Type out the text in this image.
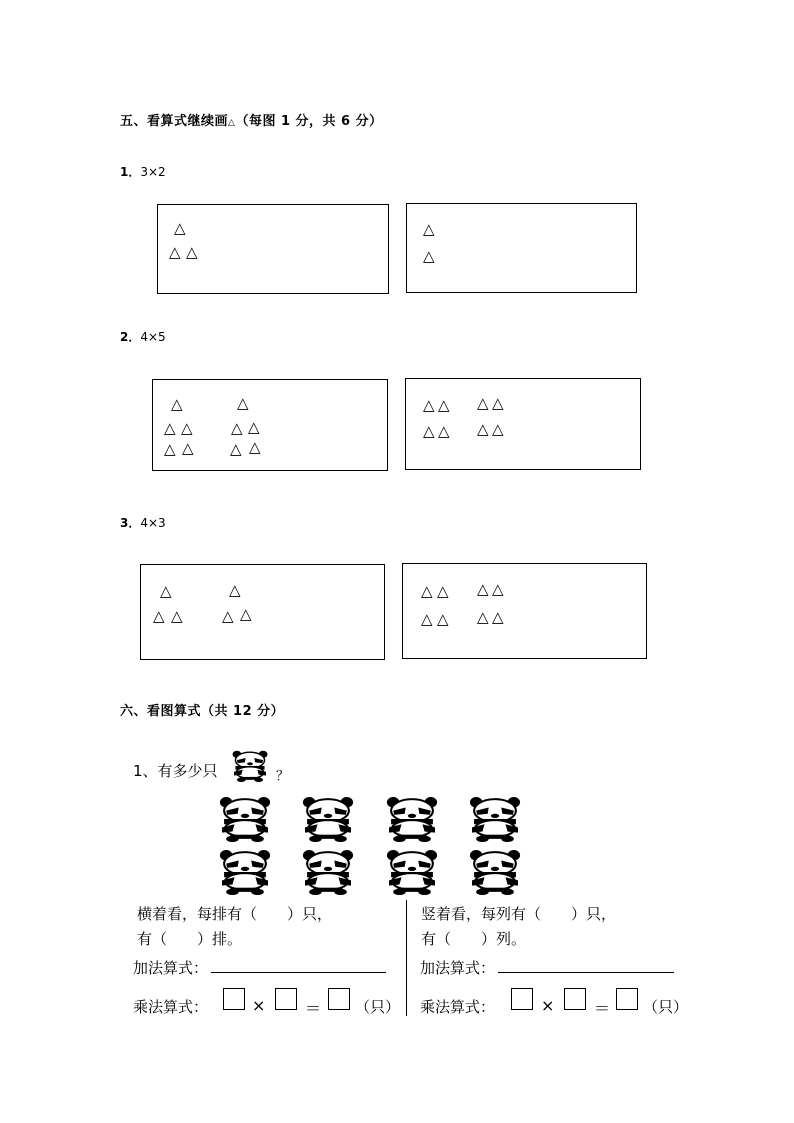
五、看算式继续画△（每图 1 分，共 6 分）
1．3×2
△
△ △
△
△
2．4×5
△	△
△ △	△ △
△ △ △ △
△ △ △ △
△ △ △ △
3．4×3
△	△
△ △	△ △
△ △ △ △
△ △ △ △
六、看图算式（共 12 分）
1、有多少只	？
横着看，每排有（　　）只，
有（　　）排。
加法算式：
乘法算式：	× ＝ （只）
竖着看，每列有（　　）只，
有（　　）列。
加法算式：
乘法算式：	× ＝ （只）
